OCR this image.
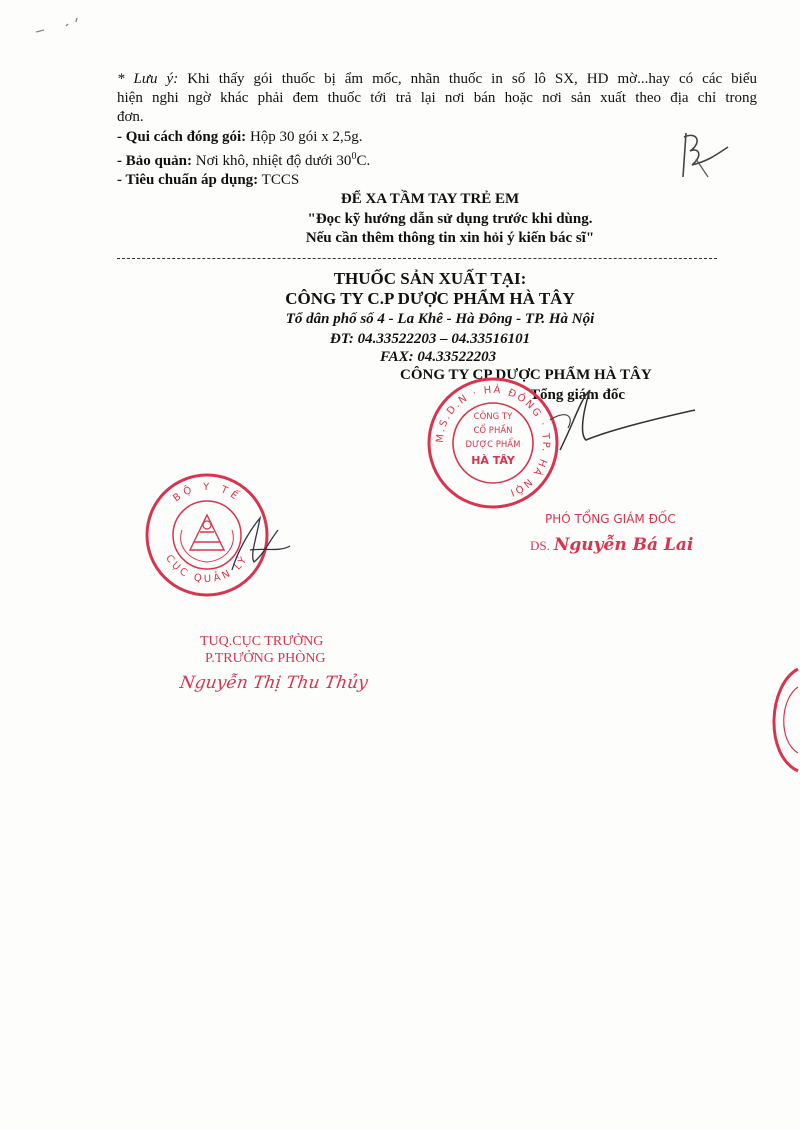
* Lưu ý: Khi thấy gói thuốc bị ẩm mốc, nhãn thuốc in số lô SX, HD mờ...hay có các biểu
hiện nghi ngờ khác phải đem thuốc tới trả lại nơi bán hoặc nơi sản xuất theo địa chỉ trong
đơn.
- Qui cách đóng gói: Hộp 30 gói x 2,5g.
- Bảo quản: Nơi khô, nhiệt độ dưới $30^0C$.
- Tiêu chuẩn áp dụng: TCCS
ĐỂ XA TẦM TAY TRẺ EM
"Đọc kỹ hướng dẫn sử dụng trước khi dùng.
Nếu cần thêm thông tin xin hỏi ý kiến bác sĩ"
THUỐC SẢN XUẤT TẠI:
CÔNG TY C.P DƯỢC PHẨM HÀ TÂY
Tổ dân phố số 4 - La Khê - Hà Đông - TP. Hà Nội
ĐT: 04.33522203 – 04.33516101
FAX: 04.33522203
CÔNG TY CP DƯỢC PHẨM HÀ TÂY
Tổng giám đốc
M.S.D.N · HÀ ĐÔNG · TP. HÀ NỘI
CÔNG TY
CỔ PHẦN
DƯỢC PHẨM
HÀ TÂY
PHÓ TỔNG GIÁM ĐỐC
DS. Nguyễn Bá Lai
BỘ Y TẾ
CỤC QUẢN LÝ
TUQ.CỤC TRƯỞNG
P.TRƯỞNG PHÒNG
Nguyễn Thị Thu Thủy
